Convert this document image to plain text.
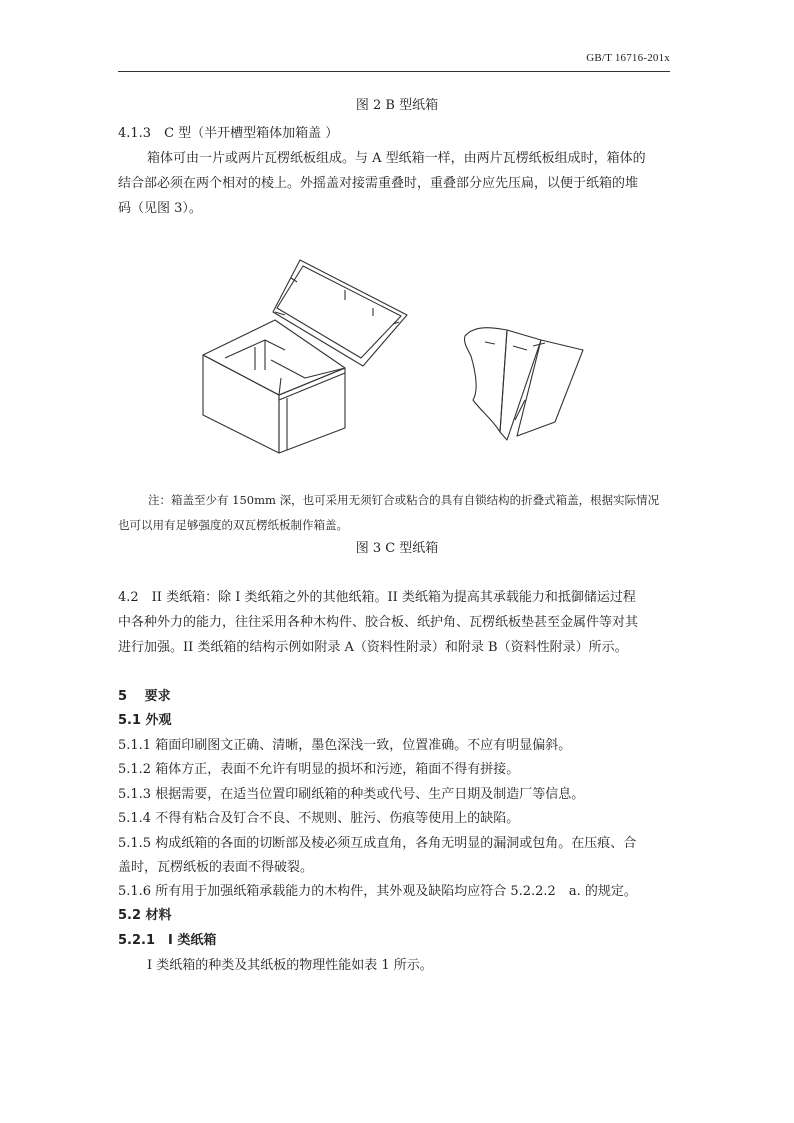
GB/T 16716-201x
图 2 B 型纸箱
4.1.3　C 型（半开槽型箱体加箱盖 ）
箱体可由一片或两片瓦楞纸板组成。与 A 型纸箱一样，由两片瓦楞纸板组成时，箱体的
结合部必须在两个相对的棱上。外摇盖对接需重叠时，重叠部分应先压扁，以便于纸箱的堆
码（见图 3）。
注：箱盖至少有 150mm 深，也可采用无须钉合或粘合的具有自锁结构的折叠式箱盖，根据实际情况
也可以用有足够强度的双瓦楞纸板制作箱盖。
图 3 C 型纸箱
4.2　II 类纸箱：除 I 类纸箱之外的其他纸箱。II 类纸箱为提高其承载能力和抵御储运过程
中各种外力的能力，往往采用各种木构件、胶合板、纸护角、瓦楞纸板垫甚至金属件等对其
进行加强。II 类纸箱的结构示例如附录 A（资料性附录）和附录 B（资料性附录）所示。
5　 要求
5.1 外观
5.1.1 箱面印刷图文正确、清晰，墨色深浅一致，位置准确。不应有明显偏斜。
5.1.2 箱体方正，表面不允许有明显的损坏和污迹，箱面不得有拼接。
5.1.3 根据需要，在适当位置印刷纸箱的种类或代号、生产日期及制造厂等信息。
5.1.4 不得有粘合及钉合不良、不规则、脏污、伤痕等使用上的缺陷。
5.1.5 构成纸箱的各面的切断部及棱必须互成直角，各角无明显的漏洞或包角。在压痕、合
盖时，瓦楞纸板的表面不得破裂。
5.1.6 所有用于加强纸箱承载能力的木构件，其外观及缺陷均应符合 5.2.2.2　a. 的规定。
5.2 材料
5.2.1　I 类纸箱
I 类纸箱的种类及其纸板的物理性能如表 1 所示。
